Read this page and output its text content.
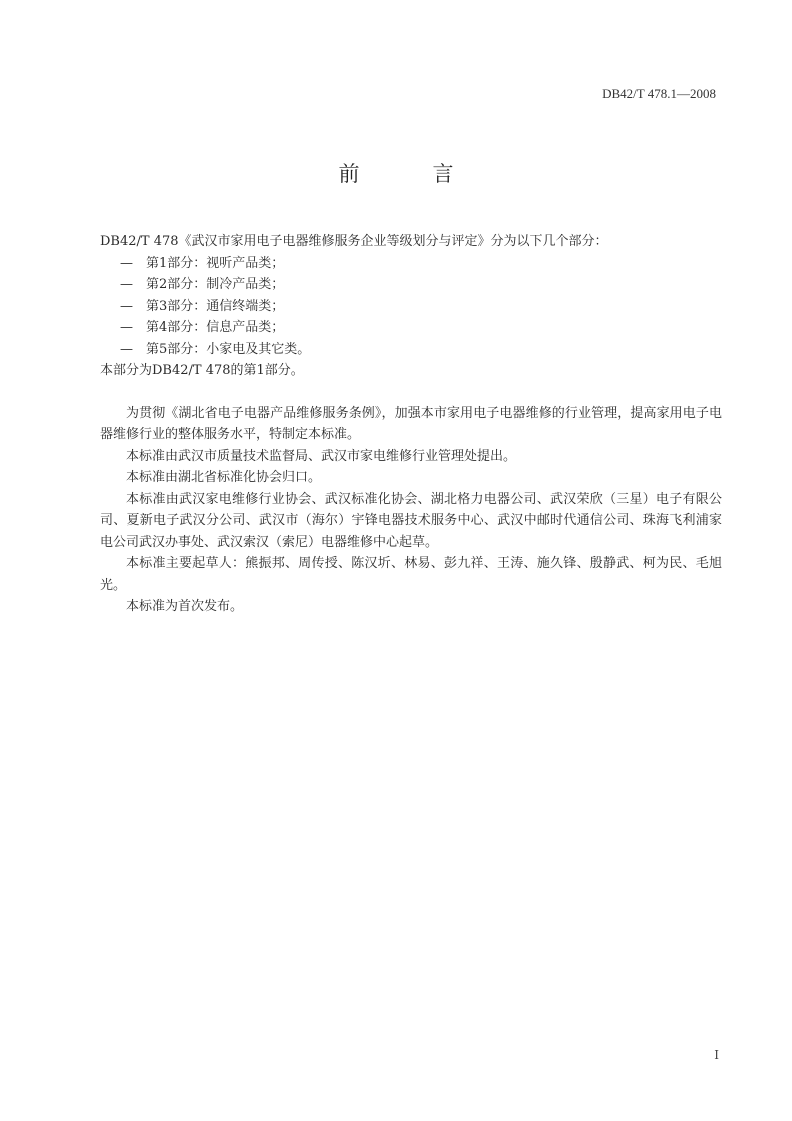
DB42/T 478.1—2008
前　言
DB42/T 478《武汉市家用电子电器维修服务企业等级划分与评定》分为以下几个部分：
—　第1部分：视听产品类；
—　第2部分：制冷产品类；
—　第3部分：通信终端类；
—　第4部分：信息产品类；
—　第5部分：小家电及其它类。
本部分为DB42/T 478的第1部分。
为贯彻《湖北省电子电器产品维修服务条例》，加强本市家用电子电器维修的行业管理，提高家用电子电器维修行业的整体服务水平，特制定本标准。
本标准由武汉市质量技术监督局、武汉市家电维修行业管理处提出。
本标准由湖北省标准化协会归口。
本标准由武汉家电维修行业协会、武汉标准化协会、湖北格力电器公司、武汉荣欣（三星）电子有限公司、夏新电子武汉分公司、武汉市（海尔）宇锋电器技术服务中心、武汉中邮时代通信公司、珠海飞利浦家电公司武汉办事处、武汉索汉（索尼）电器维修中心起草。
本标准主要起草人：熊振邦、周传授、陈汉圻、林易、彭九祥、王涛、施久锋、殷静武、柯为民、毛旭光。
本标准为首次发布。
I
